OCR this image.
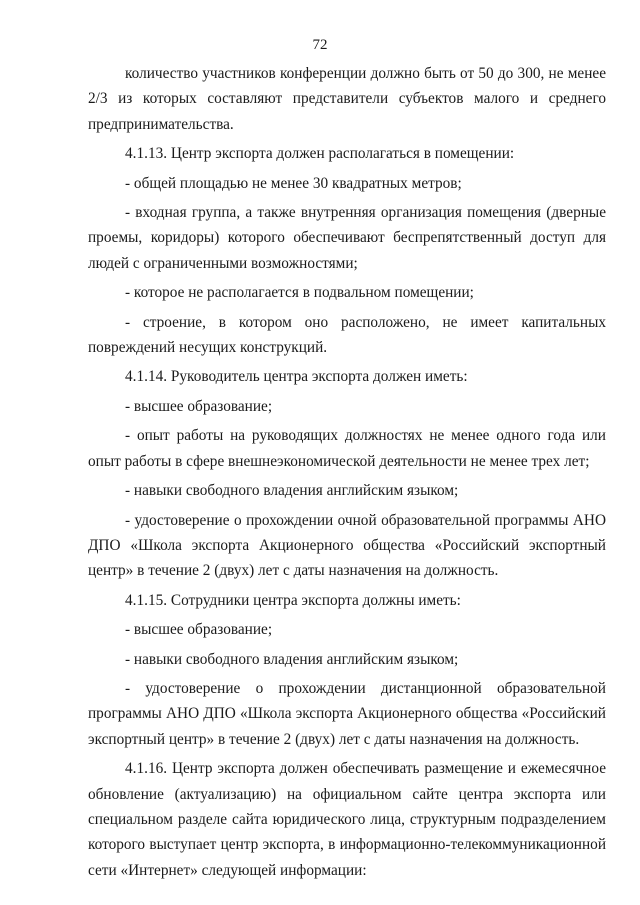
72

количество участников конференции должно быть от 50 до 300, не менее 2/3 из которых составляют представители субъектов малого и среднего предпринимательства.

4.1.13. Центр экспорта должен располагаться в помещении:

- общей площадью не менее 30 квадратных метров;

- входная группа, а также внутренняя организация помещения (дверные проемы, коридоры) которого обеспечивают беспрепятственный доступ для людей с ограниченными возможностями;

- которое не располагается в подвальном помещении;

- строение, в котором оно расположено, не имеет капитальных повреждений несущих конструкций.

4.1.14. Руководитель центра экспорта должен иметь:

- высшее образование;

- опыт работы на руководящих должностях не менее одного года или опыт работы в сфере внешнеэкономической деятельности не менее трех лет;

- навыки свободного владения английским языком;

- удостоверение о прохождении очной образовательной программы АНО ДПО «Школа экспорта Акционерного общества «Российский экспортный центр» в течение 2 (двух) лет с даты назначения на должность.

4.1.15. Сотрудники центра экспорта должны иметь:

- высшее образование;

- навыки свободного владения английским языком;

- удостоверение о прохождении дистанционной образовательной программы АНО ДПО «Школа экспорта Акционерного общества «Российский экспортный центр» в течение 2 (двух) лет с даты назначения на должность.

4.1.16. Центр экспорта должен обеспечивать размещение и ежемесячное обновление (актуализацию) на официальном сайте центра экспорта или специальном разделе сайта юридического лица, структурным подразделением которого выступает центр экспорта, в информационно-телекоммуникационной сети «Интернет» следующей информации:
